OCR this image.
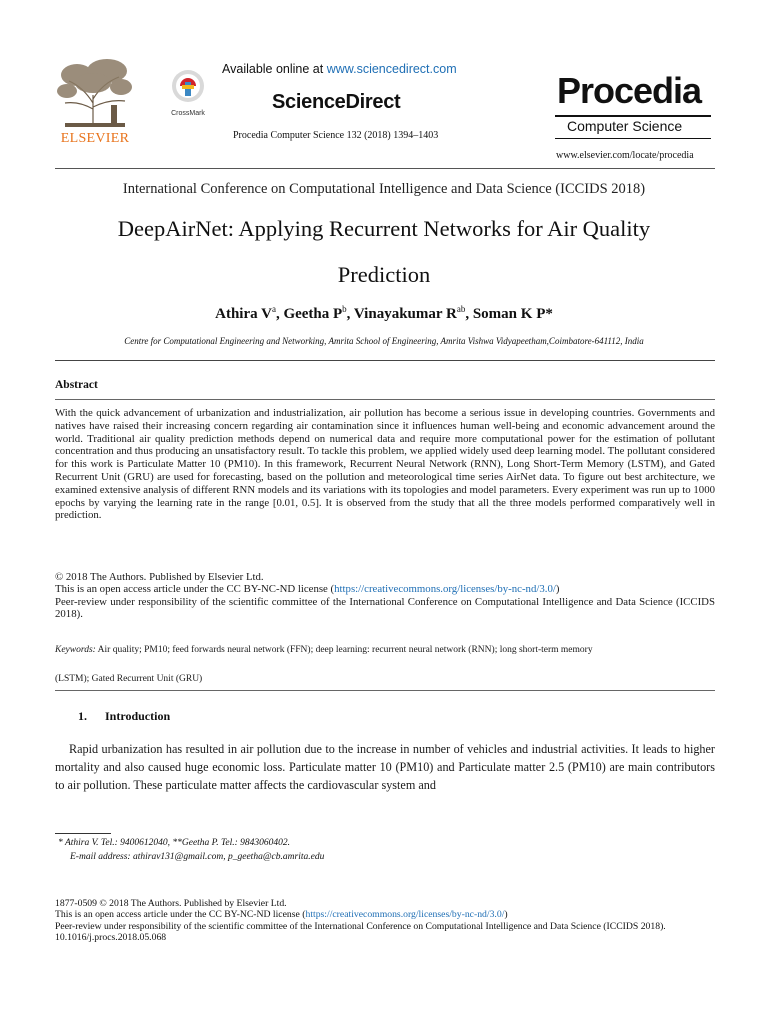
ELSEVIER
CrossMark
Available online at www.sciencedirect.com
ScienceDirect
Procedia Computer Science 132 (2018) 1394–1403
Procedia
Computer Science
www.elsevier.com/locate/procedia
International Conference on Computational Intelligence and Data Science (ICCIDS 2018)
DeepAirNet: Applying Recurrent Networks for Air Quality
Prediction
Athira $V^a$, Geetha $P^b$, Vinayakumar $R^{ab}$, Soman K P*
Centre for Computational Engineering and Networking, Amrita School of Engineering, Amrita Vishwa Vidyapeetham,Coimbatore-641112, India
Abstract
With the quick advancement of urbanization and industrialization, air pollution has become a serious issue in developing countries. Governments and natives have raised their increasing concern regarding air contamination since it influences human well-being and economic advancement around the world. Traditional air quality prediction methods depend on numerical data and require more computational power for the estimation of pollutant concentration and thus producing an unsatisfactory result. To tackle this problem, we applied widely used deep learning model. The pollutant considered for this work is Particulate Matter 10 (PM10). In this framework, Recurrent Neural Network (RNN), Long Short-Term Memory (LSTM), and Gated Recurrent Unit (GRU) are used for forecasting, based on the pollution and meteorological time series AirNet data. To figure out best architecture, we examined extensive analysis of different RNN models and its variations with its topologies and model parameters. Every experiment was run up to 1000 epochs by varying the learning rate in the range [0.01, 0.5]. It is observed from the study that all the three models performed comparatively well in prediction.
© 2018 The Authors. Published by Elsevier Ltd.
This is an open access article under the CC BY-NC-ND license (https://creativecommons.org/licenses/by-nc-nd/3.0/)
Peer-review under responsibility of the scientific committee of the International Conference on Computational Intelligence and Data Science (ICCIDS 2018).
Keywords: Air quality; PM10; feed forwards neural network (FFN); deep learning: recurrent neural network (RNN); long short-term memory
(LSTM); Gated Recurrent Unit (GRU)
1. Introduction

Rapid urbanization has resulted in air pollution due to the increase in number of vehicles and industrial activities. It leads to higher mortality and also caused huge economic loss. Particulate matter 10 (PM10) and Particulate matter 2.5 (PM10) are main contributors to air pollution. These particulate matter affects the cardiovascular system and

* Athira V. Tel.: 9400612040, **Geetha P. Tel.: 9843060402.
E-mail address: athirav131@gmail.com, p_geetha@cb.amrita.edu
1877-0509 © 2018 The Authors. Published by Elsevier Ltd.
This is an open access article under the CC BY-NC-ND license (https://creativecommons.org/licenses/by-nc-nd/3.0/)
Peer-review under responsibility of the scientific committee of the International Conference on Computational Intelligence and Data Science (ICCIDS 2018).
10.1016/j.procs.2018.05.068
